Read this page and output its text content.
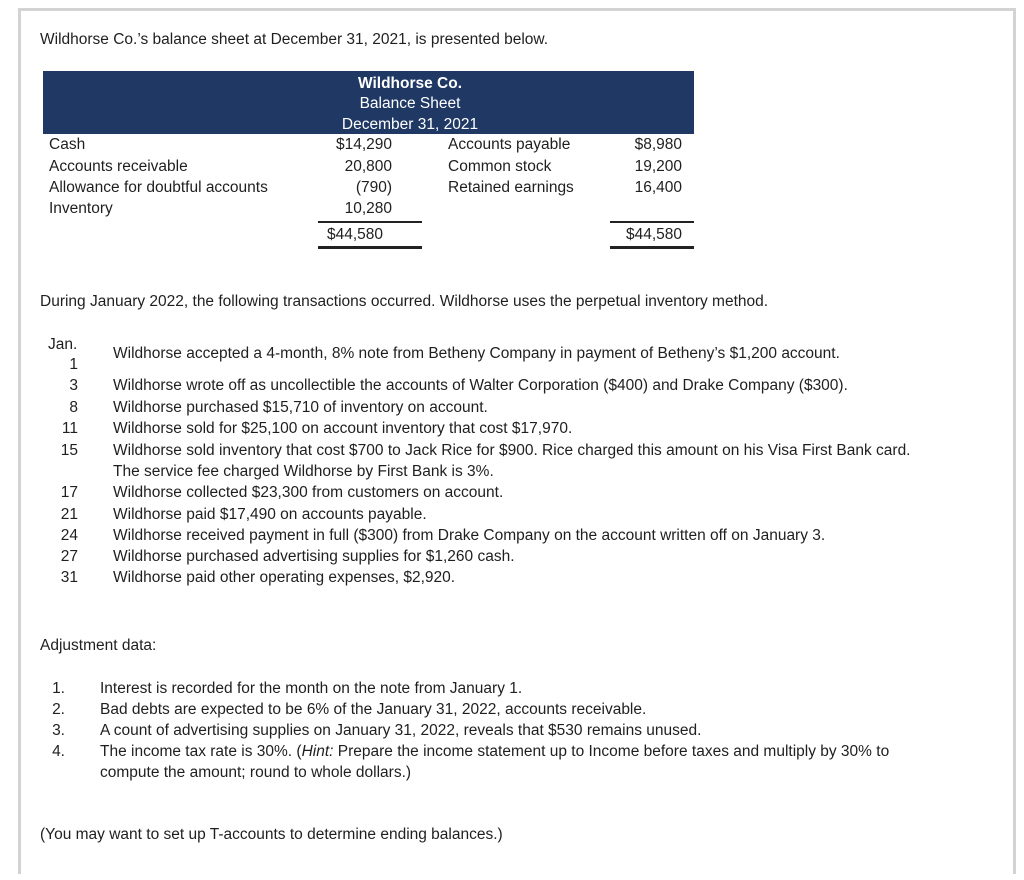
Wildhorse Co.’s balance sheet at December 31, 2021, is presented below.
Wildhorse Co.
Balance Sheet
December 31, 2021
Cash
Accounts receivable
Allowance for doubtful accounts
Inventory
$14,290
20,800
(790)
10,280
$44,580
Accounts payable
Common stock
Retained earnings
$8,980
19,200
16,400
$44,580
During January 2022, the following transactions occurred. Wildhorse uses the perpetual inventory method.
Jan.
1
Wildhorse accepted a 4-month, 8% note from Betheny Company in payment of Betheny’s $1,200 account.
3 Wildhorse wrote off as uncollectible the accounts of Walter Corporation ($400) and Drake Company ($300).
8 Wildhorse purchased $15,710 of inventory on account.
11 Wildhorse sold for $25,100 on account inventory that cost $17,970.
15 Wildhorse sold inventory that cost $700 to Jack Rice for $900. Rice charged this amount on his Visa First Bank card.
The service fee charged Wildhorse by First Bank is 3%.
17 Wildhorse collected $23,300 from customers on account.
21 Wildhorse paid $17,490 on accounts payable.
24 Wildhorse received payment in full ($300) from Drake Company on the account written off on January 3.
27 Wildhorse purchased advertising supplies for $1,260 cash.
31 Wildhorse paid other operating expenses, $2,920.
Adjustment data:
1. Interest is recorded for the month on the note from January 1.
2. Bad debts are expected to be 6% of the January 31, 2022, accounts receivable.
3. A count of advertising supplies on January 31, 2022, reveals that $530 remains unused.
4. The income tax rate is 30%. (Hint: Prepare the income statement up to Income before taxes and multiply by 30% to
compute the amount; round to whole dollars.)
(You may want to set up T-accounts to determine ending balances.)
